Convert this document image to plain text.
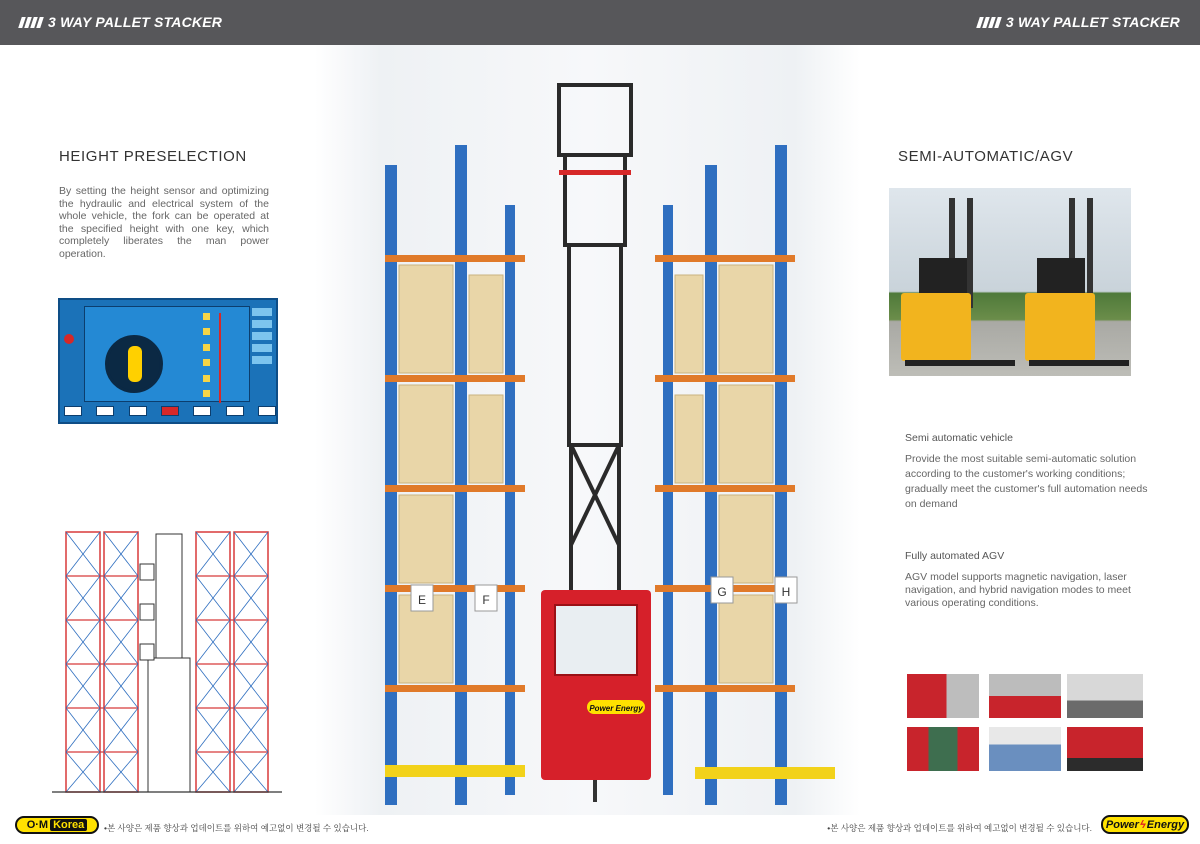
3 WAY PALLET STACKER	3 WAY PALLET STACKER
HEIGHT PRESELECTION
By setting the height sensor and optimizing the hydraulic and electrical system of the whole vehicle, the fork can be operated at the specified height with one key, which completely liberates the man power operation.
E	F
G	H
Power Energy
SEMI-AUTOMATIC/AGV
Semi automatic vehicle
Provide the most suitable semi-automatic solution according to the customer's working conditions; gradually meet the customer's full automation needs on demand
Fully automated AGV
AGV model supports magnetic navigation, laser navigation, and hybrid navigation modes to meet various operating conditions.
O·M Korea	•본 사양은 제품 향상과 업데이트를 위하여 예고없이 변경될 수 있습니다.	•본 사양은 제품 향상과 업데이트를 위하여 예고없이 변경될 수 있습니다. Power ϟ Energy
